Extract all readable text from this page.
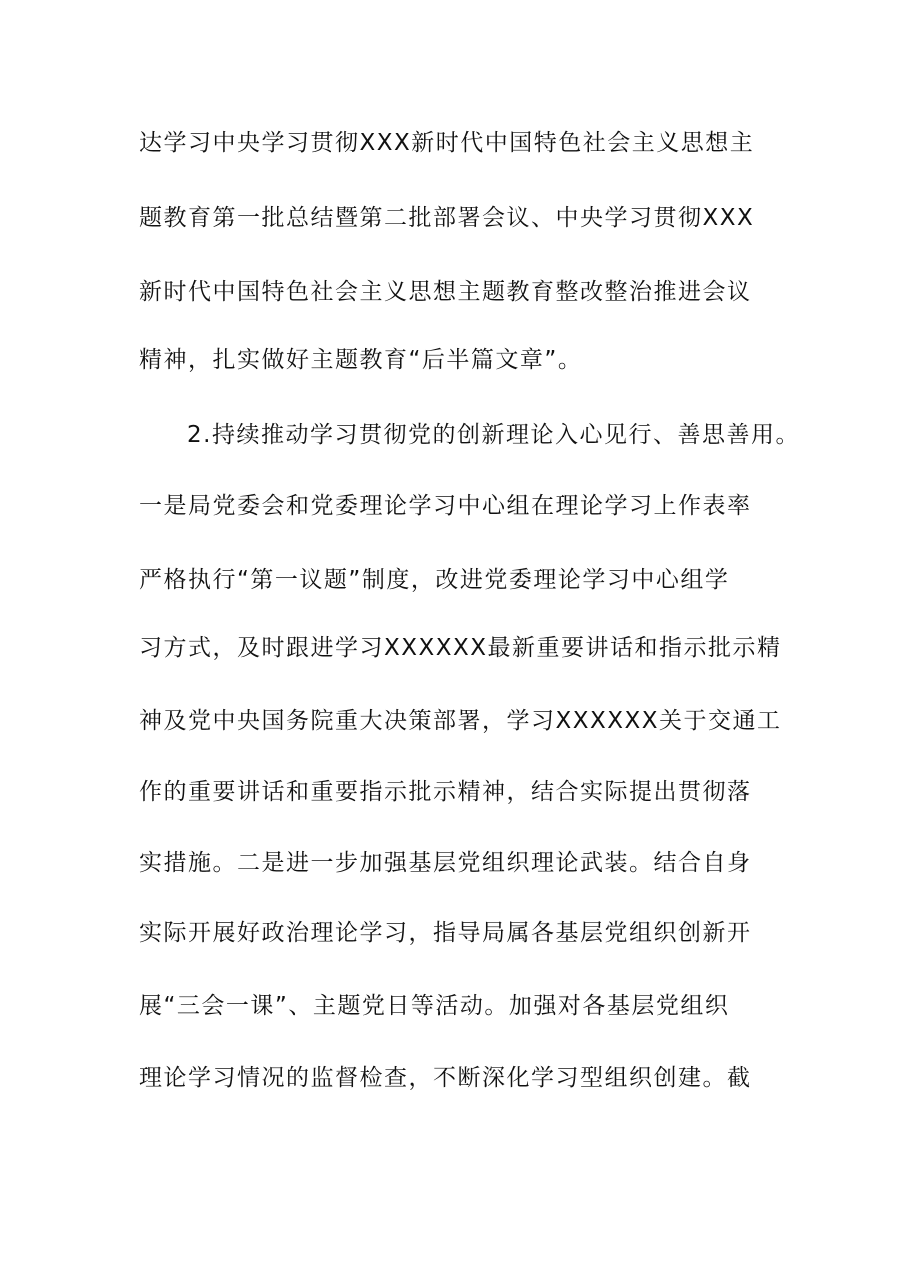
达学习中央学习贯彻XXX新时代中国特色社会主义思想主
题教育第一批总结暨第二批部署会议、中央学习贯彻XXX
新时代中国特色社会主义思想主题教育整改整治推进会议
精神，扎实做好主题教育“后半篇文章”。
2.持续推动学习贯彻党的创新理论入心见行、善思善用。
一是局党委会和党委理论学习中心组在理论学习上作表率
严格执行“第一议题”制度，改进党委理论学习中心组学
习方式，及时跟进学习XXXXXX最新重要讲话和指示批示精
神及党中央国务院重大决策部署，学习XXXXXX关于交通工
作的重要讲话和重要指示批示精神，结合实际提出贯彻落
实措施。二是进一步加强基层党组织理论武装。结合自身
实际开展好政治理论学习，指导局属各基层党组织创新开
展“三会一课”、主题党日等活动。加强对各基层党组织
理论学习情况的监督检查，不断深化学习型组织创建。截
